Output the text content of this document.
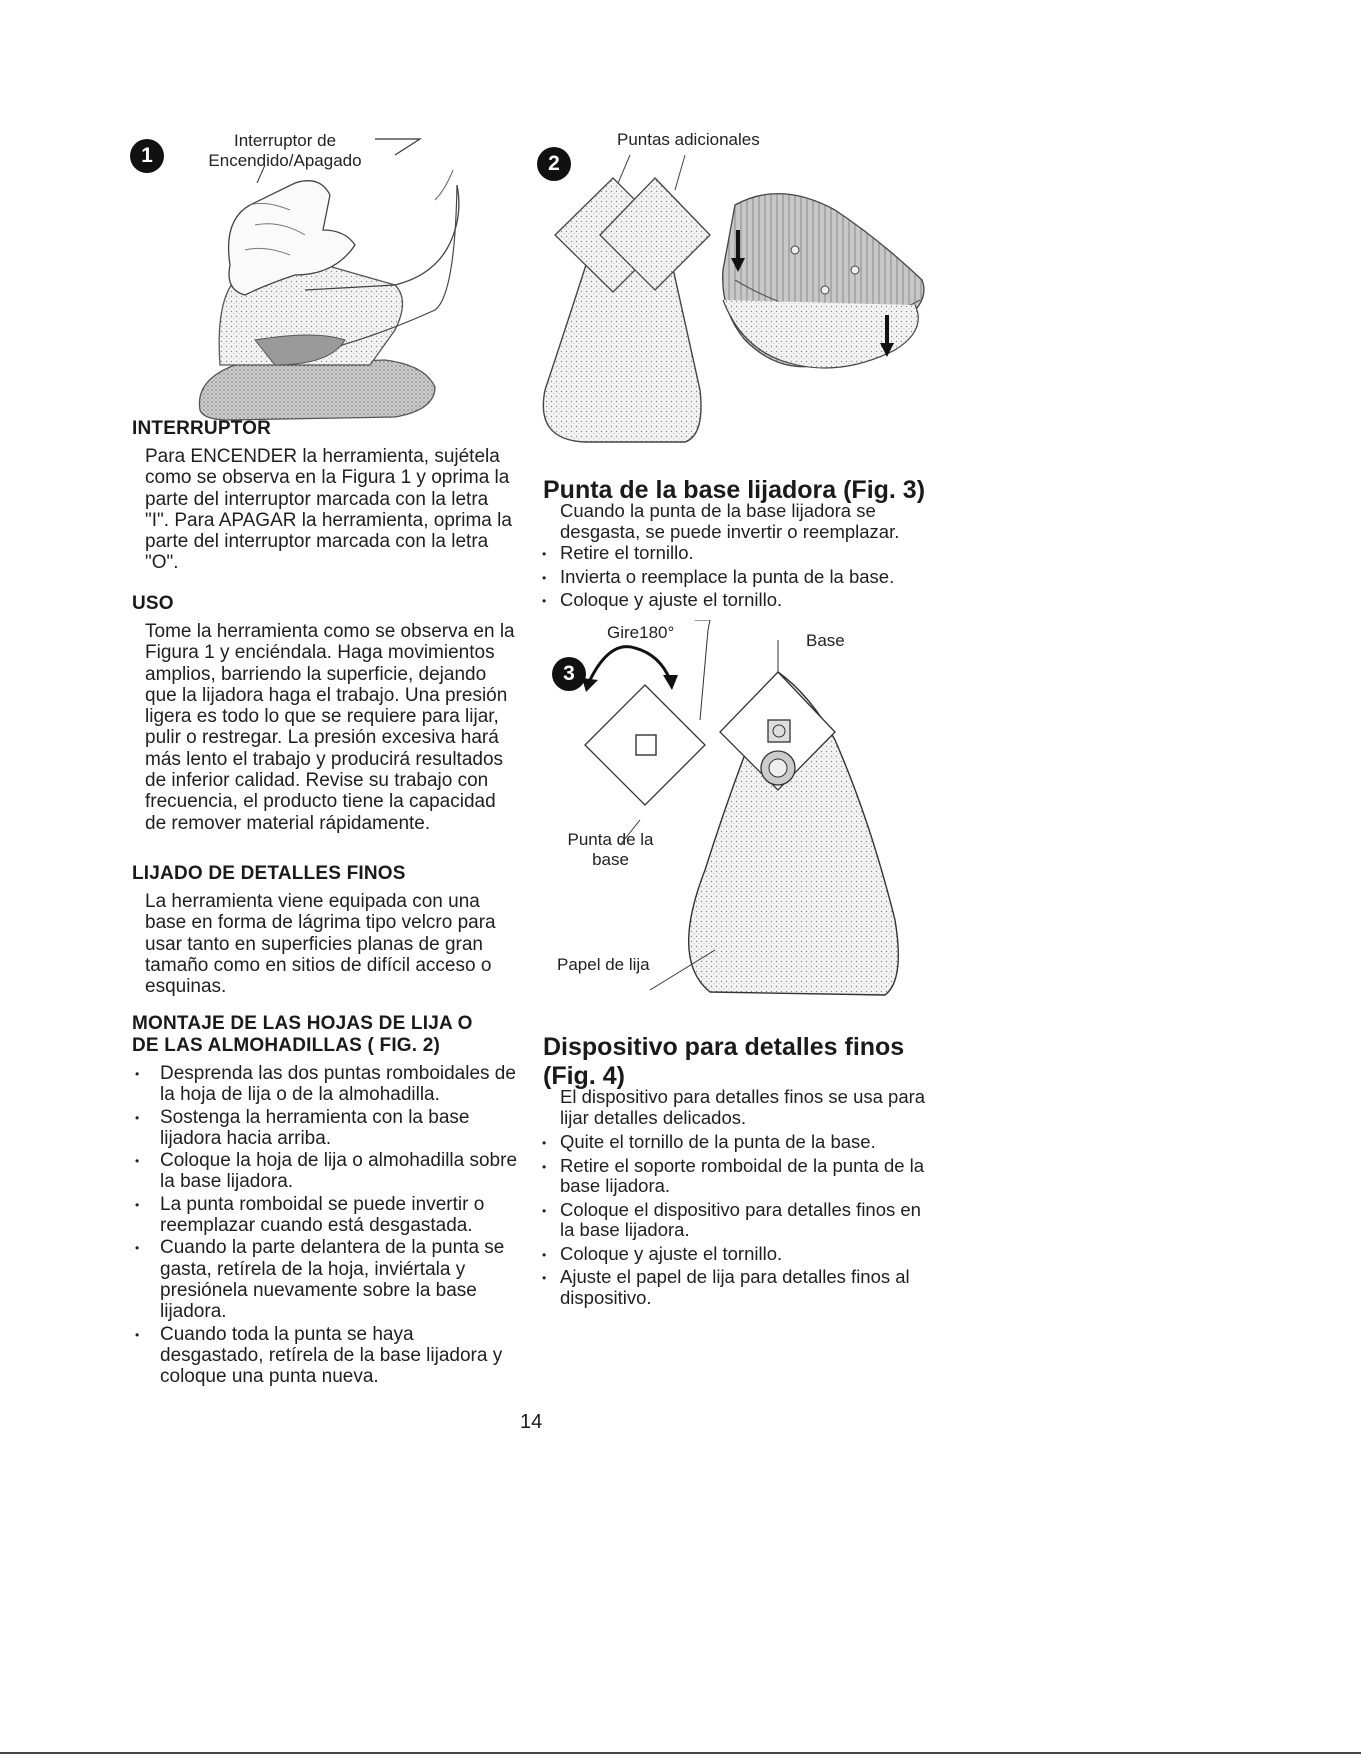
1
Interruptor de
Encendido/Apagado
INTERRUPTOR
Para ENCENDER la herramienta, sujétela como se observa en la Figura 1 y oprima la parte del interruptor marcada con la letra "I". Para APAGAR la herramienta, oprima la parte del interruptor marcada con la letra "O".
USO
Tome la herramienta como se observa en la Figura 1 y enciéndala. Haga movimientos amplios, barriendo la superficie, dejando que la lijadora haga el trabajo. Una presión ligera es todo lo que se requiere para lijar, pulir o restregar. La presión excesiva hará más lento el trabajo y producirá resultados de inferior calidad. Revise su trabajo con frecuencia, el producto tiene la capacidad de remover material rápidamente.
LIJADO DE DETALLES FINOS
La herramienta viene equipada con una base en forma de lágrima tipo velcro para usar tanto en superficies planas de gran tamaño como en sitios de difícil acceso o esquinas.
MONTAJE DE LAS HOJAS DE LIJA O
DE LAS ALMOHADILLAS ( FIG. 2)
• Desprenda las dos puntas romboidales de la hoja de lija o de la almohadilla.
• Sostenga la herramienta con la base lijadora hacia arriba.
• Coloque la hoja de lija o almohadilla sobre la base lijadora.
• La punta romboidal se puede invertir o reemplazar cuando está desgastada.
• Cuando la parte delantera de la punta se gasta, retírela de la hoja, inviértala y presiónela nuevamente sobre la base lijadora.
• Cuando toda la punta se haya desgastado, retírela de la base lijadora y coloque una punta nueva.
2
Puntas adicionales
Punta de la base lijadora (Fig. 3)
Cuando la punta de la base lijadora se desgasta, se puede invertir o reemplazar.
• Retire el tornillo.
• Invierta o reemplace la punta de la base.
• Coloque y ajuste el tornillo.
3
Gire180°	Base
Punta de la
base
Papel de lija
Dispositivo para detalles finos
(Fig. 4)
El dispositivo para detalles finos se usa para lijar detalles delicados.
• Quite el tornillo de la punta de la base.
• Retire el soporte romboidal de la punta de la base lijadora.
• Coloque el dispositivo para detalles finos en la base lijadora.
• Coloque y ajuste el tornillo.
• Ajuste el papel de lija para detalles finos al dispositivo.
14
